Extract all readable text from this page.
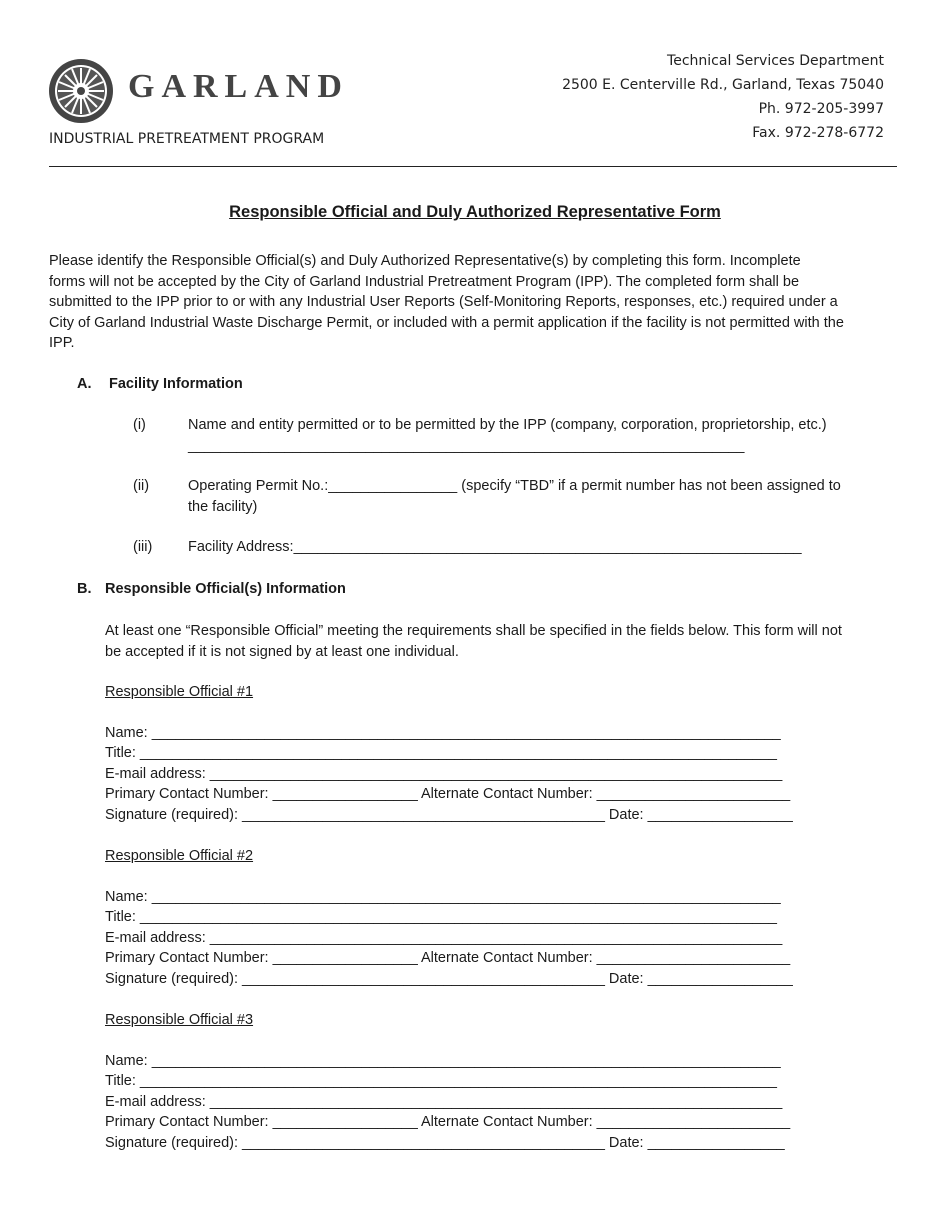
GARLAND
INDUSTRIAL PRETREATMENT PROGRAM
Technical Services Department
2500 E. Centerville Rd., Garland, Texas 75040
Ph. 972-205-3997
Fax. 972-278-6772
Responsible Official and Duly Authorized Representative Form
Please identify the Responsible Official(s) and Duly Authorized Representative(s) by completing this form. Incomplete
forms will not be accepted by the City of Garland Industrial Pretreatment Program (IPP). The completed form shall be
submitted to the IPP prior to or with any Industrial User Reports (Self-Monitoring Reports, responses, etc.) required under a
City of Garland Industrial Waste Discharge Permit, or included with a permit application if the facility is not permitted with the
IPP.
A. Facility Information
(i)	Name and entity permitted or to be permitted by the IPP (company, corporation, proprietorship, etc.)
_____________________________________________________________________
(ii)	Operating Permit No.:________________ (specify “TBD” if a permit number has not been assigned to
the facility)
(iii) Facility Address:_______________________________________________________________
B. Responsible Official(s) Information
At least one “Responsible Official” meeting the requirements shall be specified in the fields below. This form will not
be accepted if it is not signed by at least one individual.
Responsible Official #1
Name: ______________________________________________________________________________
Title: _______________________________________________________________________________
E-mail address: _______________________________________________________________________
Primary Contact Number: __________________ Alternate Contact Number: ________________________
Signature (required): _____________________________________________ Date: __________________
Responsible Official #2
Name: ______________________________________________________________________________
Title: _______________________________________________________________________________
E-mail address: _______________________________________________________________________
Primary Contact Number: __________________ Alternate Contact Number: ________________________
Signature (required): _____________________________________________ Date: __________________
Responsible Official #3
Name: ______________________________________________________________________________
Title: _______________________________________________________________________________
E-mail address: _______________________________________________________________________
Primary Contact Number: __________________ Alternate Contact Number: ________________________
Signature (required): _____________________________________________ Date: _________________
